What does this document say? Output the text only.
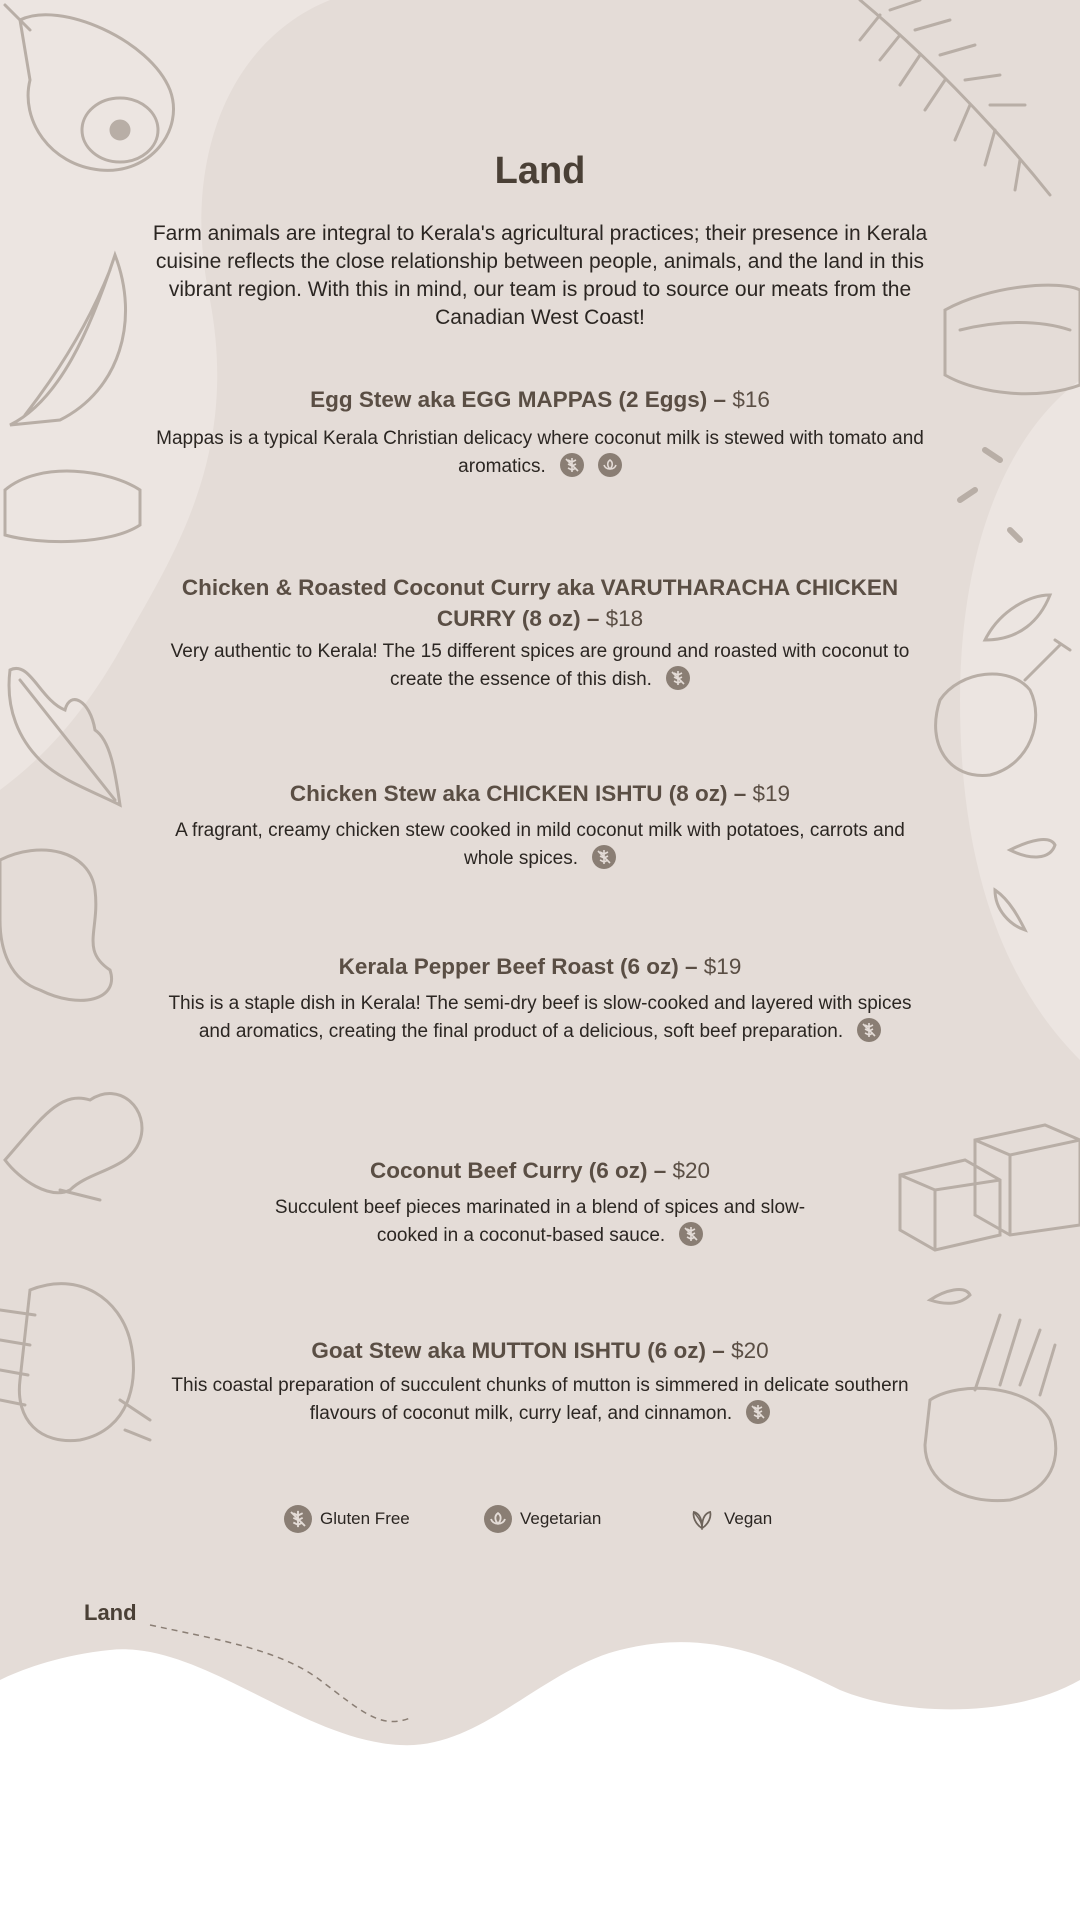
Land

Farm animals are integral to Kerala's agricultural practices; their presence in Kerala cuisine reflects the close relationship between people, animals, and the land in this vibrant region. With this in mind, our team is proud to source our meats from the Canadian West Coast!

Egg Stew aka EGG MAPPAS (2 Eggs) – $16

Mappas is a typical Kerala Christian delicacy where coconut milk is stewed with tomato and aromatics.

Chicken & Roasted Coconut Curry aka VARUTHARACHA CHICKEN CURRY (8 oz) – $18

Very authentic to Kerala! The 15 different spices are ground and roasted with coconut to create the essence of this dish.

Chicken Stew aka CHICKEN ISHTU (8 oz) – $19

A fragrant, creamy chicken stew cooked in mild coconut milk with potatoes, carrots and whole spices.

Kerala Pepper Beef Roast (6 oz) – $19

This is a staple dish in Kerala! The semi-dry beef is slow-cooked and layered with spices and aromatics, creating the final product of a delicious, soft beef preparation.

Coconut Beef Curry (6 oz) – $20

Succulent beef pieces marinated in a blend of spices and slow-cooked in a coconut-based sauce.

Goat Stew aka MUTTON ISHTU (6 oz) – $20

This coastal preparation of succulent chunks of mutton is simmered in delicate southern flavours of coconut milk, curry leaf, and cinnamon.

Gluten Free	Vegetarian	Vegan
Land
